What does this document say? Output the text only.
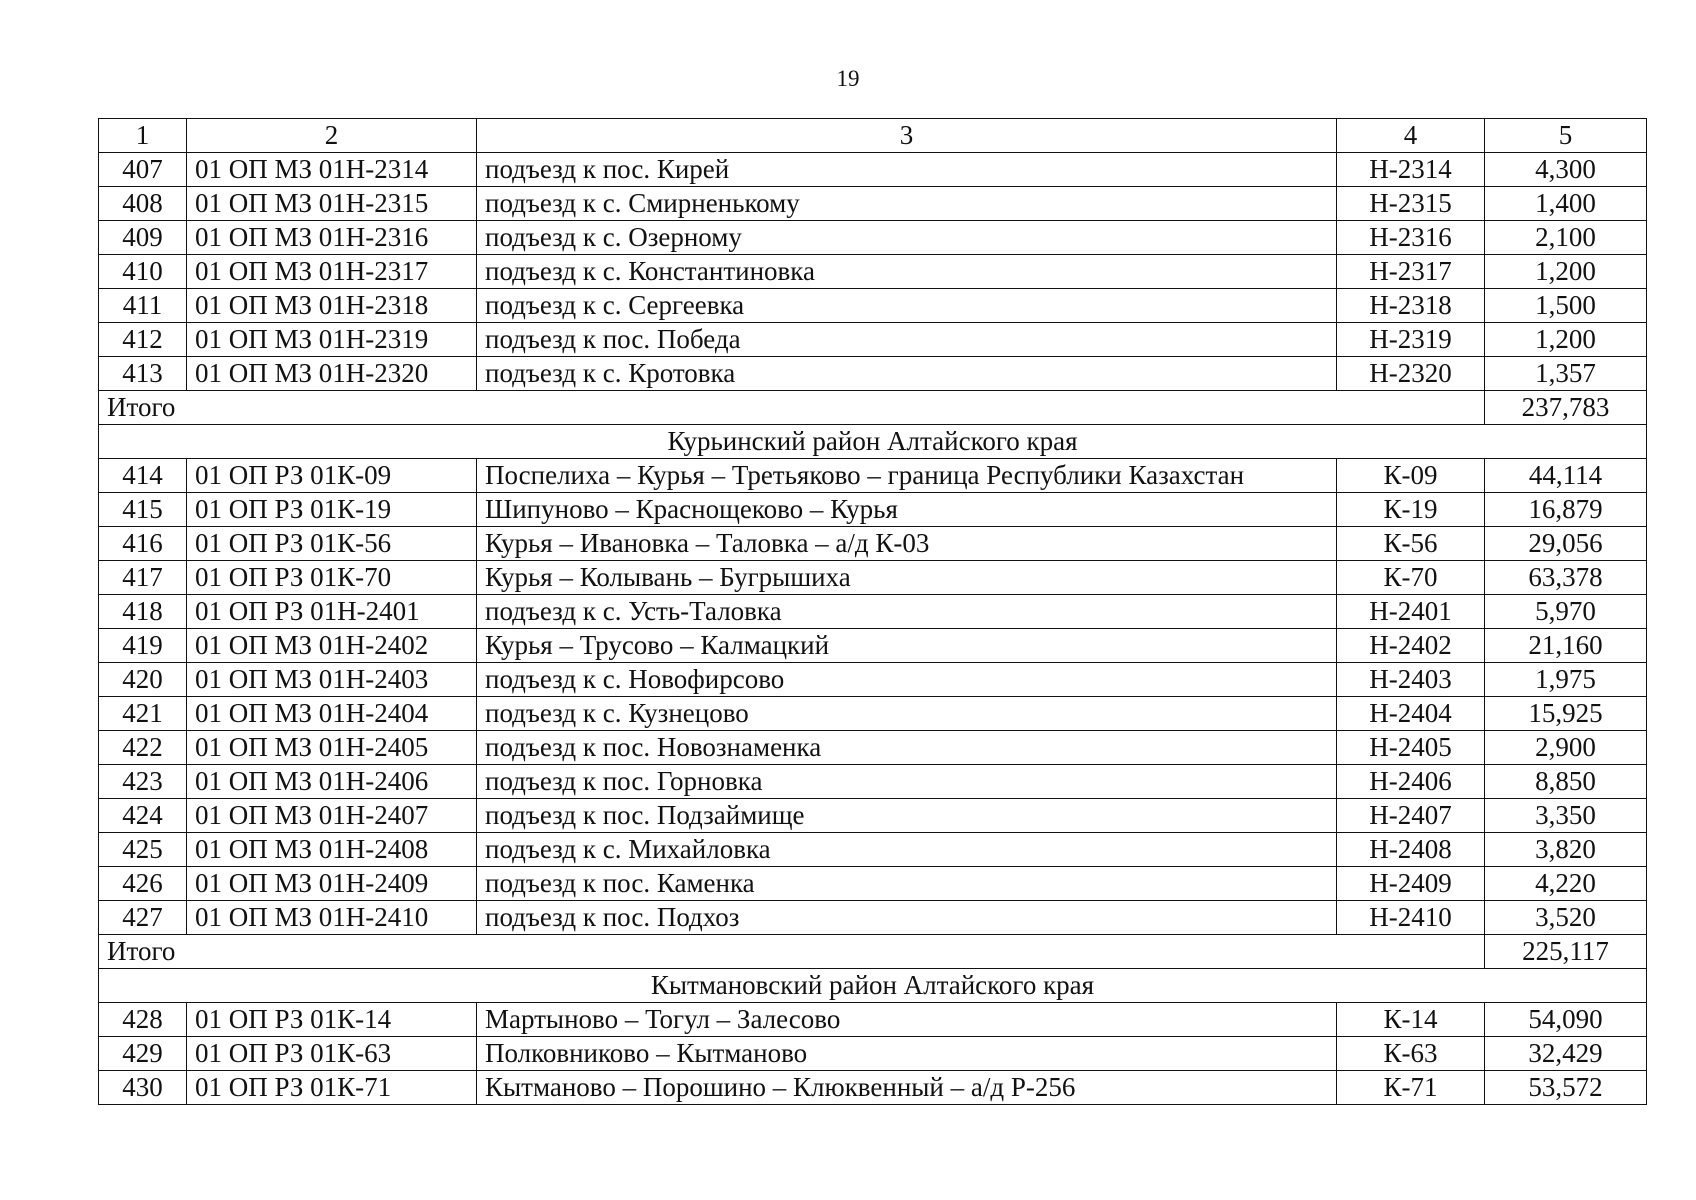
19
1	2	3	4	5
407	01 ОП МЗ 01Н-2314	подъезд к пос. Кирей	Н-2314	4,300
408	01 ОП МЗ 01Н-2315	подъезд к с. Смирненькому	Н-2315	1,400
409	01 ОП МЗ 01Н-2316	подъезд к с. Озерному	Н-2316	2,100
410	01 ОП МЗ 01Н-2317	подъезд к с. Константиновка	Н-2317	1,200
411	01 ОП МЗ 01Н-2318	подъезд к с. Сергеевка	Н-2318	1,500
412	01 ОП МЗ 01Н-2319	подъезд к пос. Победа	Н-2319	1,200
413	01 ОП МЗ 01Н-2320	подъезд к с. Кротовка	Н-2320	1,357
Итого				237,783
Курьинский район Алтайского края				
414	01 ОП РЗ 01К-09	Поспелиха – Курья – Третьяково – граница Республики Казахстан	К-09	44,114
415	01 ОП РЗ 01К-19	Шипуново – Краснощеково – Курья	К-19	16,879
416	01 ОП РЗ 01К-56	Курья – Ивановка – Таловка – а/д К-03	К-56	29,056
417	01 ОП РЗ 01К-70	Курья – Колывань – Бугрышиха	К-70	63,378
418	01 ОП РЗ 01Н-2401	подъезд к с. Усть-Таловка	Н-2401	5,970
419	01 ОП МЗ 01Н-2402	Курья – Трусово – Калмацкий	Н-2402	21,160
420	01 ОП МЗ 01Н-2403	подъезд к с. Новофирсово	Н-2403	1,975
421	01 ОП МЗ 01Н-2404	подъезд к с. Кузнецово	Н-2404	15,925
422	01 ОП МЗ 01Н-2405	подъезд к пос. Новознаменка	Н-2405	2,900
423	01 ОП МЗ 01Н-2406	подъезд к пос. Горновка	Н-2406	8,850
424	01 ОП МЗ 01Н-2407	подъезд к пос. Подзаймище	Н-2407	3,350
425	01 ОП МЗ 01Н-2408	подъезд к с. Михайловка	Н-2408	3,820
426	01 ОП МЗ 01Н-2409	подъезд к пос. Каменка	Н-2409	4,220
427	01 ОП МЗ 01Н-2410	подъезд к пос. Подхоз	Н-2410	3,520
Итого				225,117
Кытмановский район Алтайского края				
428	01 ОП РЗ 01К-14	Мартыново – Тогул – Залесово	К-14	54,090
429	01 ОП РЗ 01К-63	Полковниково – Кытманово	К-63	32,429
430	01 ОП РЗ 01К-71	Кытманово – Порошино – Клюквенный – а/д Р-256	К-71	53,572
